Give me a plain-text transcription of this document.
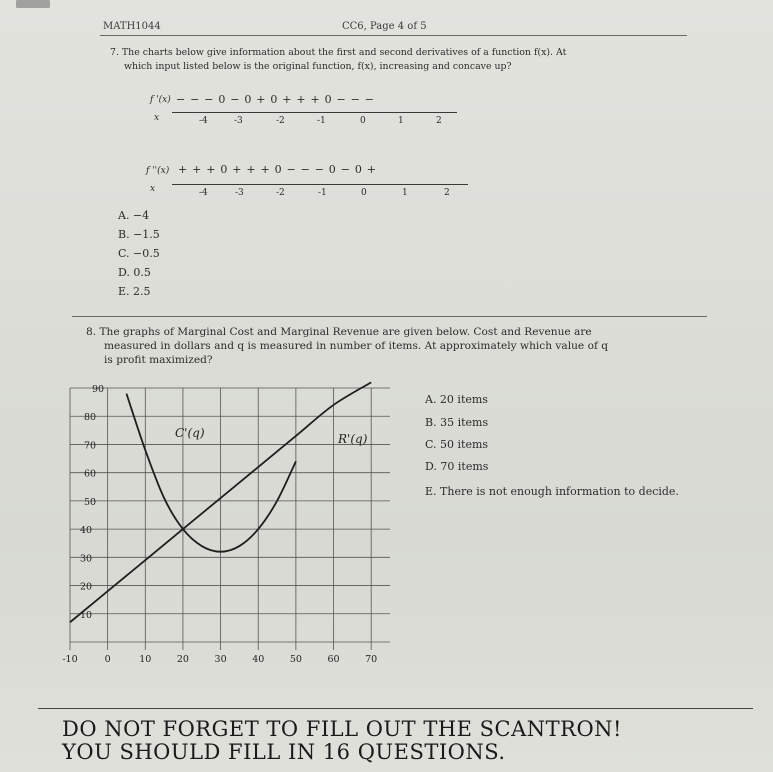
MATH1044	CC6, Page 4 of 5
7. The charts below give information about the first and second derivatives of a function f(x). At
which input listed below is the original function, f(x), increasing and concave up?
f '(x) − − − 0 − 0 + 0 + + + 0 − − −
x	-4	-3	-2	-1	0	1	2
f ''(x) + + + 0 + + + 0 − − − 0 − 0 +
x	-4	-3	-2	-1	0	1	2
A. −4
B. −1.5
C. −0.5
D. 0.5
E. 2.5
8. The graphs of Marginal Cost and Marginal Revenue are given below. Cost and Revenue are
measured in dollars and q is measured in number of items. At approximately which value of q
is profit maximized?
10
20
30
40
50
60
70
80
90
-10	0	10	20	30	40	50	60	70
C'(q)	R'(q)
A. 20 items
B. 35 items
C. 50 items
D. 70 items
E. There is not enough information to decide.
DO NOT FORGET TO FILL OUT THE SCANTRON!
YOU SHOULD FILL IN 16 QUESTIONS.
